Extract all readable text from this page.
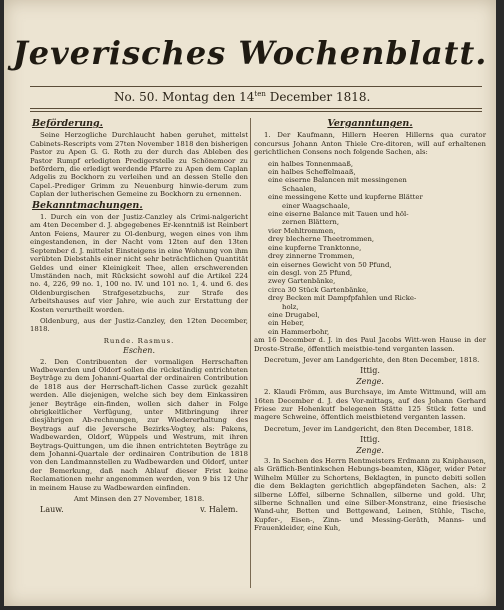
Jeverisches Wochenblatt.
No. 50. Montag den $14^{ten}$ December 1818.
Beförderung.

Seine Herzogliche Durchlaucht haben geruhet, mittelst Cabinets-Rescripts vom 27ten November 1818 den bisherigen Pastor zu Apen G. G. Roth zu der durch das Ableben des Pastor Rumpf erledigten Predigerstelle zu Schönemoor zu befördern, die erledigt werdende Pfarre zu Apen dem Caplan Adgelis zu Bockhorn zu verleihen und an dessen Stelle den Capel.-Prediger Grimm zu Neuenburg hinwie-derum zum Caplan der lutherischen Gemeine zu Bockhorn zu ernennen.

Bekanntmachungen.

1. Durch ein von der Justiz-Canzley als Crimi-nalgericht am 4ten December d. J. abgegebenes Er-kenntniß ist Reinbert Anton Feiens, Maurer zu Ol-denburg, wegen eines von ihm eingestandenen, in der Nacht vom 12ten auf den 13ten September d. J. mittelst Einsteigens in eine Wohnung von ihm verübten Diebstahls einer nicht sehr beträchtlichen Quantität Geldes und einer Kleinigkeit Thee, allen erschwerenden Umständen nach, mit Rücksicht sowohl auf die Artikel 224 no. 4, 226, 99 no. 1, 100 no. IV. und 101 no. 1, 4. und 6. des Oldenburgischen Strafgesetzbuchs, zur Strafe des Arbeitshauses auf vier Jahre, wie auch zur Erstattung der Kosten verurtheilt worden.

Oldenburg, aus der Justiz-Canzley, den 12ten December, 1818.

Runde. Rasmus.
Eschen.

2. Den Contribuenten der vormaligen Herrschaften Wadbewarden und Oldorf sollen die rückständig entrichteten Beyträge zu dem Johanni-Quartal der ordinairen Contribution de 1818 aus der Herrschaft-lichen Casse zurück gezahlt werden. Alle diejenigen, welche sich bey dem Einkassiren jener Beyträge ein-finden, wollen sich daher in Folge obrigkeitlicher Verfügung, unter Mitbringung ihrer diesjährigen Ab-rechnungen, zur Wiedererhaltung des Beytrags auf die Jeversche Bezirks-Vogtey, als: Pakens, Wadbewarden, Oldorf, Wüppels und Westrum, mit ihren Beytrags-Quittungen, um die ihnen entrichteten Beyträge zu dem Johanni-Quartale der ordinairen Contribution de 1818 von den Landmannstellen zu Wadbewarden und Oldorf, unter der Bemerkung, daß nach Ablauf dieser Frist keine Reclamationen mehr angenommen werden, von 9 bis 12 Uhr in meinem Hause zu Wadbewarden einfinden.

Amt Minsen den 27 November, 1818.

Lauw.	v. Halem.
Verganntungen.

1. Der Kaufmann, Hillern Heeren Hillerns qua curator concursus Johann Anton Thiele Cre-ditoren, will auf erhaltenen gerichtlichen Consens noch folgende Sachen, als:

ein halbes Tonnenmaaß,
ein halbes Scheffelmaaß,
eine eiserne Balancen mit messingenen
Schaalen,
eine messingene Kette und kupferne Blätter
einer Waagschaale,
eine eiserne Balance mit Tauen und höl-
zernen Blättern,
vier Mehltrommen,
drey blecherne Theetrommen,
eine kupferne Tranktonne,
drey zinnerne Trommen,
ein eisernes Gewicht von 50 Pfund,
ein desgl. von 25 Pfund,
zwey Gartenbänke,
circa 30 Stück Gartenbänke,
drey Becken mit Dampfpfahlen und Ricke-
holz,
eine Drugabel,
ein Heber,
ein Hammerbohr,

am 16 December d. J. in des Paul Jacobs Witt-wen Hause in der Droste-Straße, öffentlich meistbie-tend verganten lassen.

Decretum, Jever am Landgerichte, den 8ten December, 1818.

Ittig.
Zenge.

2. Klaudi Frömm, aus Burchsaye, im Amte Wittmund, will am 16ten December d. J. des Vor-mittags, auf des Johann Gerhard Friese zur Hohenkutf belegenen Stätte 125 Stück fette und magere Schweine, öffentlich meistbietend verganten lassen.

Decretum, Jever im Landgericht, den 8ten December, 1818.

Ittig.
Zenge.

3. In Sachen des Herrn Rentmeisters Erdmann zu Kniphausen, als Gräflich-Bentinkschen Hebungs-beamten, Kläger, wider Peter Wilhelm Müller zu Schortens, Beklagten, in puncto debiti sollen die dem Beklagten gerichtlich abgepfändeten Sachen, als: 2 silberne Löffel, silberne Schnallen, silberne und gold. Uhr, silberne Schnallen und eine Silber-Monstranz, eine friesische Wand-uhr, Betten und Bettgewand, Leinen, Stühle, Tische, Kupfer-, Eisen-, Zinn- und Messing-Geräth, Manns- und Frauenkleider, eine Kuh,
